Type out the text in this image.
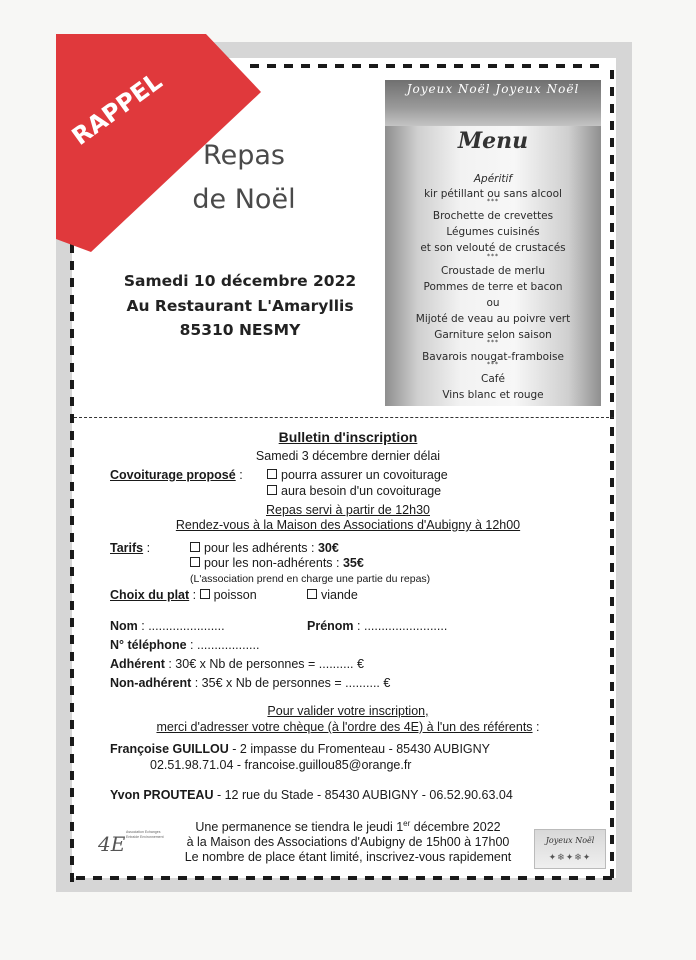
RAPPEL
Repas
de Noël
Samedi 10 décembre 2022
Au Restaurant L'Amaryllis
85310 NESMY
Joyeux Noël Joyeux Noël
Menu
Apéritif
kir pétillant ou sans alcool
***
Brochette de crevettes
Légumes cuisinés
et son velouté de crustacés
***
Croustade de merlu
Pommes de terre et bacon
ou
Mijoté de veau au poivre vert
Garniture selon saison
***
Bavarois nougat-framboise
***
Café
Vins blanc et rouge
Bulletin d'inscription
Samedi 3 décembre dernier délai
Covoiturage proposé :	pourra assurer un covoiturage
aura besoin d'un covoiturage
Repas servi à partir de 12h30
Rendez-vous à la Maison des Associations d'Aubigny à 12h00
Tarifs :	pour les adhérents : 30€
pour les non-adhérents : 35€
(L'association prend en charge une partie du repas)
Choix du plat : poisson	viande
Nom : ......................	Prénom : ........................
N° téléphone : ..................
Adhérent : 30€ x Nb de personnes = .......... €
Non-adhérent : 35€ x Nb de personnes = .......... €
Pour valider votre inscription,
merci d'adresser votre chèque (à l'ordre des 4E) à l'un des référents :
Françoise GUILLOU - 2 impasse du Fromenteau - 85430 AUBIGNY
02.51.98.71.04 - francoise.guillou85@orange.fr
Yvon PROUTEAU - 12 rue du Stade - 85430 AUBIGNY - 06.52.90.63.04
Une permanence se tiendra le jeudi 1er décembre 2022
à la Maison des Associations d'Aubigny de 15h00 à 17h00
Le nombre de place étant limité, inscrivez-vous rapidement
4E Association Echanges Entraide Environnement	Joyeux Noël
✦❄✦❄✦
